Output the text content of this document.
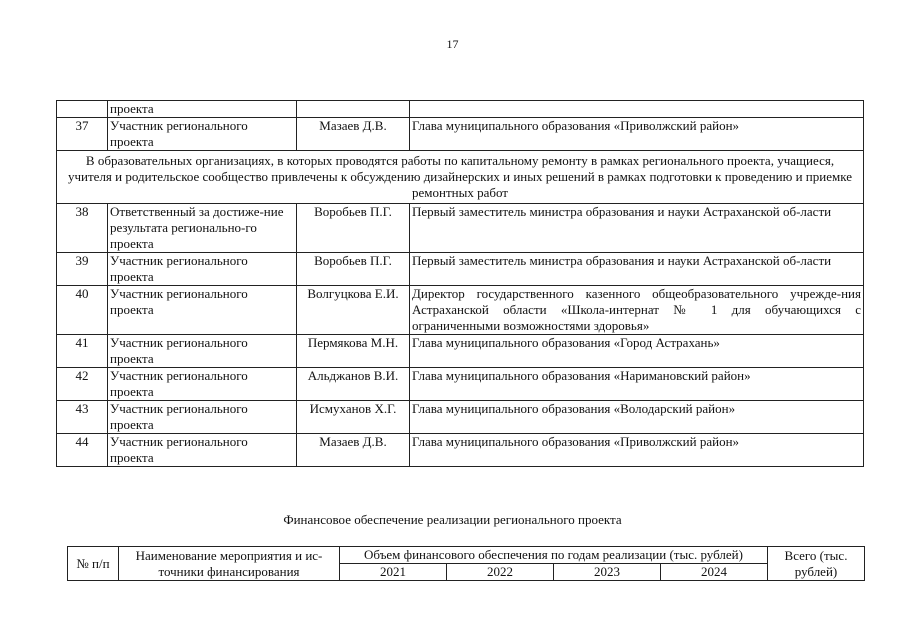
17
	проекта		
37	Участник регионального проекта	Мазаев Д.В.	Глава муниципального образования «Приволжский район»
В образовательных организациях, в которых проводятся работы по капитальному ремонту в рамках регионального проекта, учащиеся, учителя и родительское сообщество привлечены к обсуждению дизайнерских и иных решений в рамках подготовки к проведению и приемке ремонтных работ			
38	Ответственный за достиже-ние результата регионально-го проекта	Воробьев П.Г.	Первый заместитель министра образования и науки Астраханской об-ласти
39	Участник регионального проекта	Воробьев П.Г.	Первый заместитель министра образования и науки Астраханской об-ласти
40	Участник регионального проекта	Волгуцкова Е.И.	Директор государственного казенного общеобразовательного учрежде-ния Астраханской области «Школа-интернат № 1 для обучающихся с ограниченными возможностями здоровья»
41	Участник регионального проекта	Пермякова М.Н.	Глава муниципального образования «Город Астрахань»
42	Участник регионального проекта	Альджанов В.И.	Глава муниципального образования «Наримановский район»
43	Участник регионального проекта	Исмуханов Х.Г.	Глава муниципального образования «Володарский район»
44	Участник регионального проекта	Мазаев Д.В.	Глава муниципального образования «Приволжский район»
Финансовое обеспечение реализации регионального проекта
№ п/п	Наименование мероприятия и ис-точники финансирования	Объем финансового обеспечения по годам реализации (тыс. рублей)				Всего (тыс. рублей)
		2021	2022	2023	2024	
